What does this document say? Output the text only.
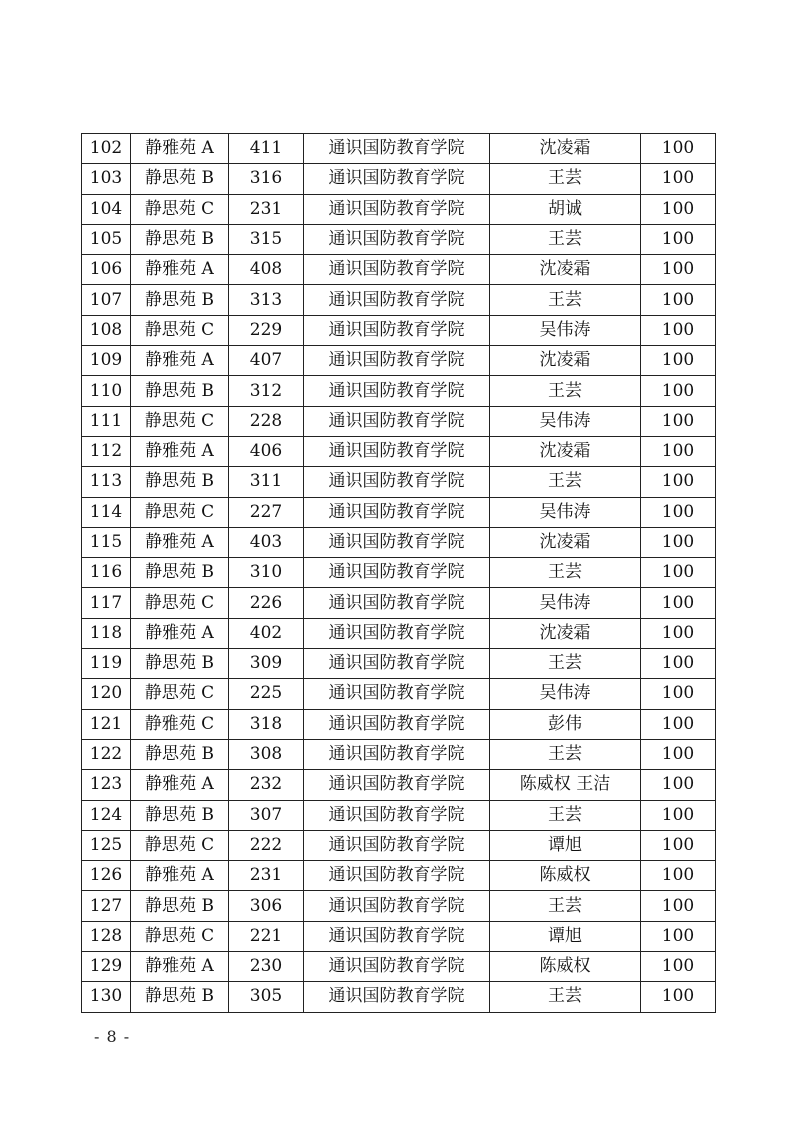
102	静雅苑 A	411	通识国防教育学院	沈凌霜	100
103	静思苑 B	316	通识国防教育学院	王芸	100
104	静思苑 C	231	通识国防教育学院	胡诚	100
105	静思苑 B	315	通识国防教育学院	王芸	100
106	静雅苑 A	408	通识国防教育学院	沈凌霜	100
107	静思苑 B	313	通识国防教育学院	王芸	100
108	静思苑 C	229	通识国防教育学院	吴伟涛	100
109	静雅苑 A	407	通识国防教育学院	沈凌霜	100
110	静思苑 B	312	通识国防教育学院	王芸	100
111	静思苑 C	228	通识国防教育学院	吴伟涛	100
112	静雅苑 A	406	通识国防教育学院	沈凌霜	100
113	静思苑 B	311	通识国防教育学院	王芸	100
114	静思苑 C	227	通识国防教育学院	吴伟涛	100
115	静雅苑 A	403	通识国防教育学院	沈凌霜	100
116	静思苑 B	310	通识国防教育学院	王芸	100
117	静思苑 C	226	通识国防教育学院	吴伟涛	100
118	静雅苑 A	402	通识国防教育学院	沈凌霜	100
119	静思苑 B	309	通识国防教育学院	王芸	100
120	静思苑 C	225	通识国防教育学院	吴伟涛	100
121	静雅苑 C	318	通识国防教育学院	彭伟	100
122	静思苑 B	308	通识国防教育学院	王芸	100
123	静雅苑 A	232	通识国防教育学院	陈威权 王洁	100
124	静思苑 B	307	通识国防教育学院	王芸	100
125	静思苑 C	222	通识国防教育学院	谭旭	100
126	静雅苑 A	231	通识国防教育学院	陈威权	100
127	静思苑 B	306	通识国防教育学院	王芸	100
128	静思苑 C	221	通识国防教育学院	谭旭	100
129	静雅苑 A	230	通识国防教育学院	陈威权	100
130	静思苑 B	305	通识国防教育学院	王芸	100
- 8 -
